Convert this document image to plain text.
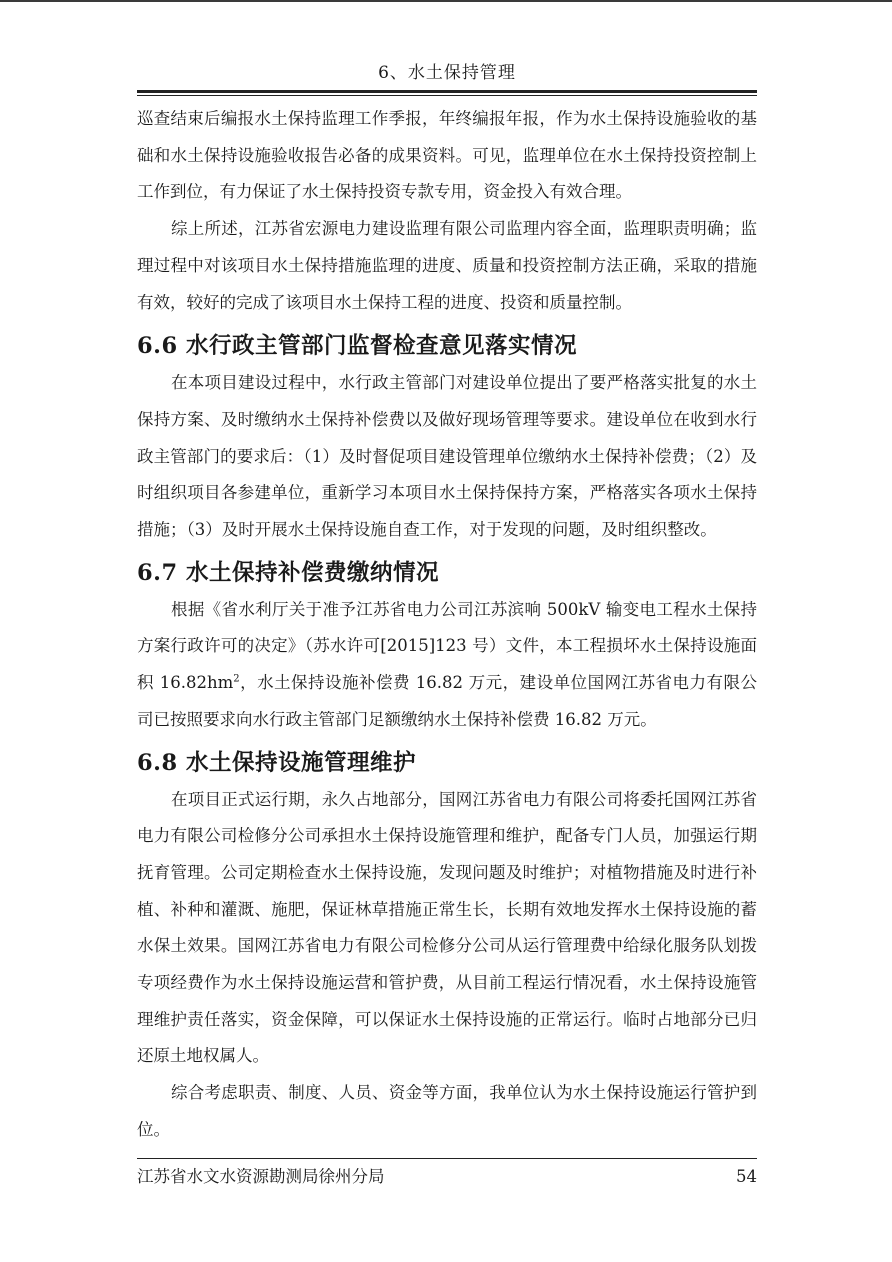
6、水土保持管理

巡查结束后编报水土保持监理工作季报，年终编报年报，作为水土保持设施验收的基础和水土保持设施验收报告必备的成果资料。可见，监理单位在水土保持投资控制上工作到位，有力保证了水土保持投资专款专用，资金投入有效合理。

综上所述，江苏省宏源电力建设监理有限公司监理内容全面，监理职责明确；监理过程中对该项目水土保持措施监理的进度、质量和投资控制方法正确，采取的措施有效，较好的完成了该项目水土保持工程的进度、投资和质量控制。

6.6 水行政主管部门监督检查意见落实情况

在本项目建设过程中，水行政主管部门对建设单位提出了要严格落实批复的水土保持方案、及时缴纳水土保持补偿费以及做好现场管理等要求。建设单位在收到水行政主管部门的要求后：（1）及时督促项目建设管理单位缴纳水土保持补偿费；（2）及时组织项目各参建单位，重新学习本项目水土保持保持方案，严格落实各项水土保持措施；（3）及时开展水土保持设施自查工作，对于发现的问题，及时组织整改。

6.7 水土保持补偿费缴纳情况

根据《省水利厅关于准予江苏省电力公司江苏滨响 500kV 输变电工程水土保持方案行政许可的决定》（苏水许可[2015]123 号）文件，本工程损坏水土保持设施面积 $16.82hm^2$，水土保持设施补偿费 16.82 万元，建设单位国网江苏省电力有限公司已按照要求向水行政主管部门足额缴纳水土保持补偿费 16.82 万元。

6.8 水土保持设施管理维护

在项目正式运行期，永久占地部分，国网江苏省电力有限公司将委托国网江苏省电力有限公司检修分公司承担水土保持设施管理和维护，配备专门人员，加强运行期抚育管理。公司定期检查水土保持设施，发现问题及时维护；对植物措施及时进行补植、补种和灌溉、施肥，保证林草措施正常生长，长期有效地发挥水土保持设施的蓄水保土效果。国网江苏省电力有限公司检修分公司从运行管理费中给绿化服务队划拨专项经费作为水土保持设施运营和管护费，从目前工程运行情况看，水土保持设施管理维护责任落实，资金保障，可以保证水土保持设施的正常运行。临时占地部分已归还原土地权属人。

综合考虑职责、制度、人员、资金等方面，我单位认为水土保持设施运行管护到位。

江苏省水文水资源勘测局徐州分局	54
